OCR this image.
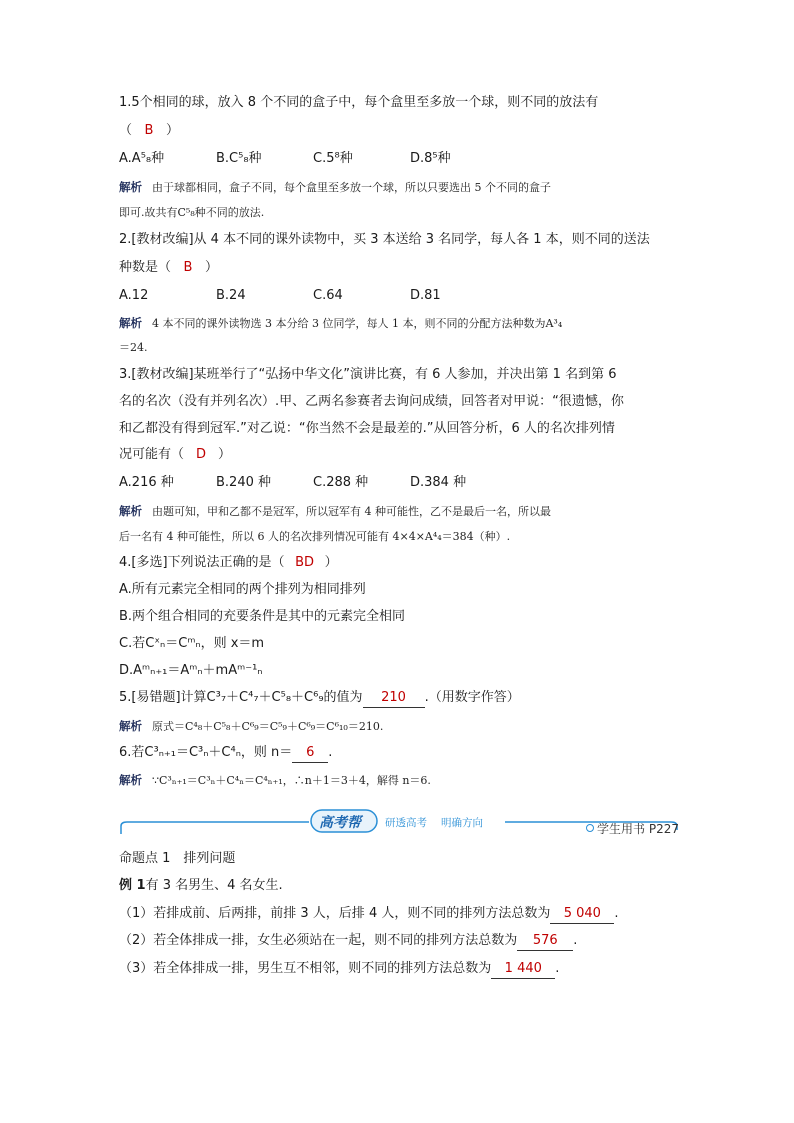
1.5个相同的球，放入 8 个不同的盒子中，每个盒里至多放一个球，则不同的放法有
（ B ）
A.A⁵₈种	B.C⁵₈种	C.5⁸种	D.8⁵种
解析 由于球都相同，盒子不同，每个盒里至多放一个球，所以只要选出 5 个不同的盒子
即可.故共有C⁵₈种不同的放法.
2.[教材改编]从 4 本不同的课外读物中，买 3 本送给 3 名同学，每人各 1 本，则不同的送法
种数是（ B ）
A.12	B.24	C.64	D.81
解析 4 本不同的课外读物选 3 本分给 3 位同学，每人 1 本，则不同的分配方法种数为A³₄
＝24.
3.[教材改编]某班举行了“弘扬中华文化”演讲比赛，有 6 人参加，并决出第 1 名到第 6
名的名次（没有并列名次）.甲、乙两名参赛者去询问成绩，回答者对甲说：“很遗憾，你
和乙都没有得到冠军.”对乙说：“你当然不会是最差的.”从回答分析，6 人的名次排列情
况可能有（ D ）
A.216 种	B.240 种	C.288 种	D.384 种
解析 由题可知，甲和乙都不是冠军，所以冠军有 4 种可能性，乙不是最后一名，所以最
后一名有 4 种可能性，所以 6 人的名次排列情况可能有 4×4×A⁴₄＝384（种）.
4.[多选]下列说法正确的是（ BD ）
A.所有元素完全相同的两个排列为相同排列
B.两个组合相同的充要条件是其中的元素完全相同
C.若Cˣₙ＝Cᵐₙ，则 x＝m
D.Aᵐₙ₊₁＝Aᵐₙ＋mAᵐ⁻¹ₙ
5.[易错题]计算C³₇＋C⁴₇＋C⁵₈＋C⁶₉的值为 210 .（用数字作答）
解析 原式＝C⁴₈＋C⁵₈＋C⁶₉＝C⁵₉＋C⁶₉＝C⁶₁₀＝210.
6.若C³ₙ₊₁＝C³ₙ＋C⁴ₙ，则 n＝ 6 .
解析 ∵C³ₙ₊₁＝C³ₙ＋C⁴ₙ＝C⁴ₙ₊₁，∴n＋1＝3＋4，解得 n＝6.
高考帮 研透高考 明确方向	学生用书 P227
命题点 1　排列问题
例 1有 3 名男生、4 名女生.
（1）若排成前、后两排，前排 3 人，后排 4 人，则不同的排列方法总数为 5 040 .
（2）若全体排成一排，女生必须站在一起，则不同的排列方法总数为 576 .
（3）若全体排成一排，男生互不相邻，则不同的排列方法总数为 1 440 .
